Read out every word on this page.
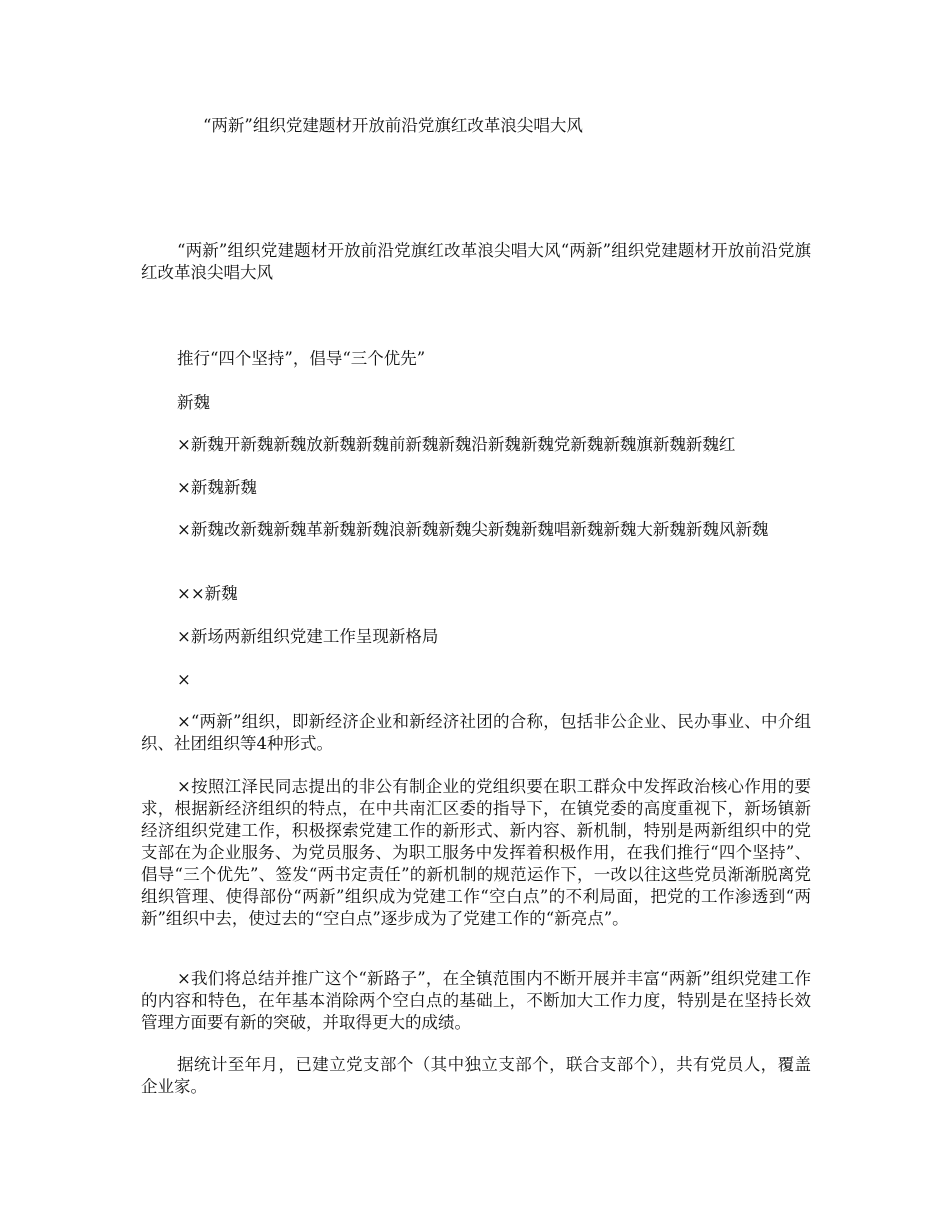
“两新”组织党建题材开放前沿党旗红改革浪尖唱大风

“两新”组织党建题材开放前沿党旗红改革浪尖唱大风“两新”组织党建题材开放前沿党旗红改革浪尖唱大风

推行“四个坚持”，倡导“三个优先”

新魏

×新魏开新魏新魏放新魏新魏前新魏新魏沿新魏新魏党新魏新魏旗新魏新魏红

×新魏新魏

×新魏改新魏新魏革新魏新魏浪新魏新魏尖新魏新魏唱新魏新魏大新魏新魏风新魏

××新魏

×新场两新组织党建工作呈现新格局

×

×“两新”组织，即新经济企业和新经济社团的合称，包括非公企业、民办事业、中介组织、社团组织等4种形式。

×按照江泽民同志提出的非公有制企业的党组织要在职工群众中发挥政治核心作用的要求，根据新经济组织的特点，在中共南汇区委的指导下，在镇党委的高度重视下，新场镇新经济组织党建工作，积极探索党建工作的新形式、新内容、新机制，特别是两新组织中的党支部在为企业服务、为党员服务、为职工服务中发挥着积极作用，在我们推行“四个坚持”、倡导“三个优先”、签发“两书定责任”的新机制的规范运作下，一改以往这些党员渐渐脱离党组织管理、使得部份“两新”组织成为党建工作“空白点”的不利局面，把党的工作渗透到“两新”组织中去，使过去的“空白点”逐步成为了党建工作的“新亮点”。

×我们将总结并推广这个“新路子”，在全镇范围内不断开展并丰富“两新”组织党建工作的内容和特色，在年基本消除两个空白点的基础上，不断加大工作力度，特别是在坚持长效管理方面要有新的突破，并取得更大的成绩。

据统计至年月，已建立党支部个（其中独立支部个，联合支部个），共有党员人，覆盖企业家。
